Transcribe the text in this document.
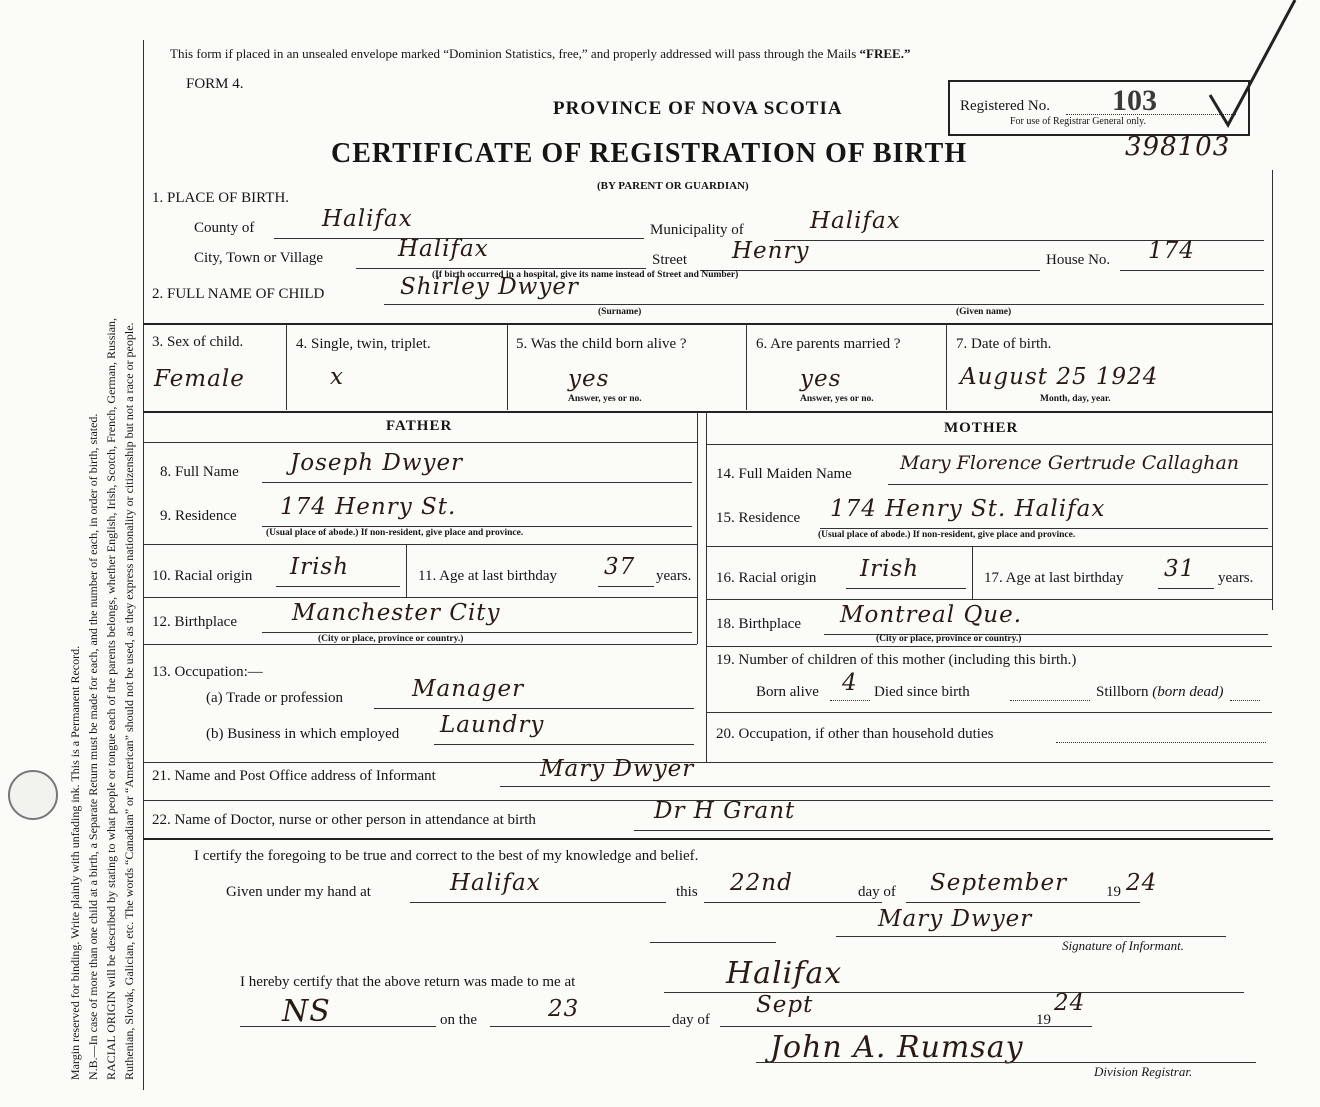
Margin reserved for binding. Write plainly with unfading ink. This is a Permanent Record. N.B.—In case of more than one child at a birth, a Separate Return must be made for each, and the number of each, in order of birth, stated. RACIAL ORIGIN will be described by stating to what people or tongue each of the parents belongs, whether English, Irish, Scotch, French, German, Russian, Ruthenian, Slovak, Galician, etc. The words “Canadian” or “American” should not be used, as they express nationality or citizenship but not a race or people.
This form if placed in an unsealed envelope marked “Dominion Statistics, free,” and properly addressed will pass through the Mails “FREE.”
FORM 4.
PROVINCE OF NOVA SCOTIA
CERTIFICATE OF REGISTRATION OF BIRTH
(BY PARENT OR GUARDIAN)
Registered No. 103
For use of Registrar General only.
398103
1. PLACE OF BIRTH.
County of	Halifax	Municipality of	Halifax
City, Town or Village	Halifax	Street Henry	House No. 174
(If birth occurred in a hospital, give its name instead of Street and Number)
2. FULL NAME OF CHILD	Shirley Dwyer
(Surname)	(Given name)
3. Sex of child.
Female
4. Single, twin, triplet.
x
5. Was the child born alive ?
yes
Answer, yes or no.
6. Are parents married ?
yes
Answer, yes or no.
7. Date of birth.
August 25 1924
Month, day, year.
FATHER	MOTHER
8. Full Name Joseph Dwyer
9. Residence 174 Henry St.
(Usual place of abode.) If non-resident, give place and province.
10. Racial origin Irish	11. Age at last birthday 37 years.
12. Birthplace Manchester City
(City or place, province or country.)
13. Occupation:—
(a) Trade or profession	Manager
(b) Business in which employed Laundry
14. Full Maiden Name	Mary Florence Gertrude Callaghan
15. Residence 174 Henry St. Halifax
(Usual place of abode.) If non-resident, give place and province.
16. Racial origin Irish	17. Age at last birthday 31 years.
18. Birthplace Montreal Que.
(City or place, province or country.)
19. Number of children of this mother (including this birth.)
Born alive 4 Died since birth	Stillborn (born dead)
20. Occupation, if other than household duties
21. Name and Post Office address of Informant	Mary Dwyer
22. Name of Doctor, nurse or other person in attendance at birth	Dr H Grant
I certify the foregoing to be true and correct to the best of my knowledge and belief.
Given under my hand at	Halifax	this 22nd	day of September	19 24
Mary Dwyer
Signature of Informant.
I hereby certify that the above return was made to me at	Halifax
NS	on the	23	day of
Sept
19
24
John A. Rumsay
Division Registrar.
